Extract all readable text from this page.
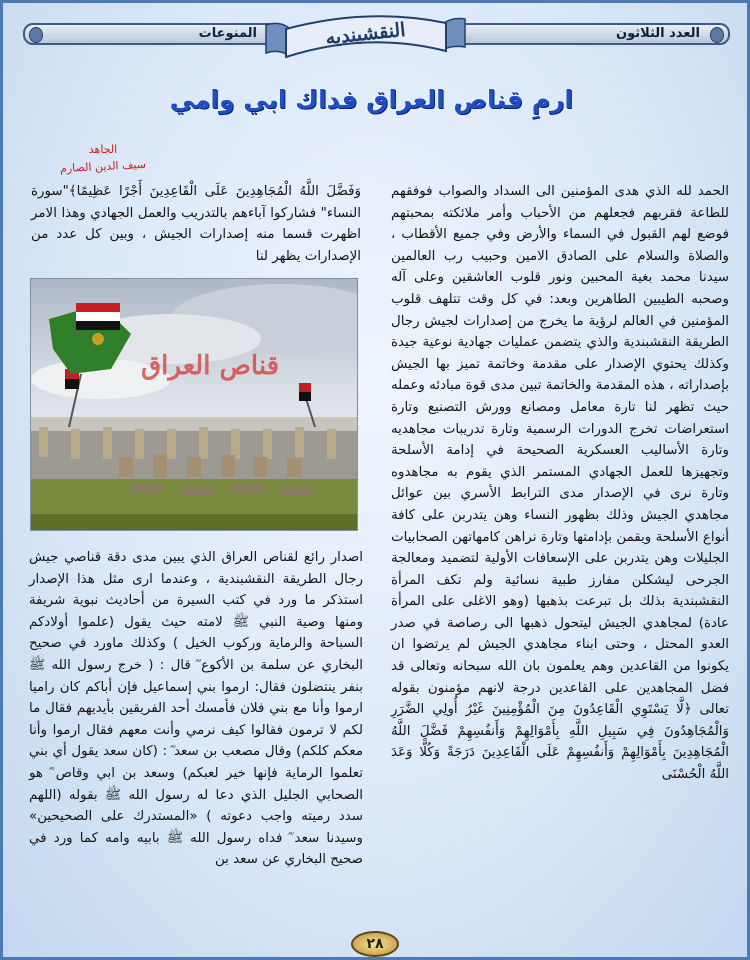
العدد الثلاثون
المنوعات	النقشبنديه
ارمِ قناص العراق فداك ابي وامي
الجاهد
سيف الدين الصارم

الحمد لله الذي هدى المؤمنين الى السداد والصواب فوفقهم للطاعة فقربهم فجعلهم من الأحباب وأمر ملائكته بمحبتهم فوضع لهم القبول في السماء والأرض وفي جميع الأقطاب ، والصلاة والسلام على الصادق الامين وحبيب رب العالمين سيدنا محمد بغية المحبين ونور قلوب العاشقين وعلى آله وصحبه الطيبين الطاهرين وبعد: في كل وقت تتلهف قلوب المؤمنين في العالم لرؤية ما يخرج من إصدارات لجيش رجال الطريقة النقشبندية والذي يتضمن عمليات جهادية نوعية جيدة وكذلك يحتوي الإصدار على مقدمة وخاتمة تميز بها الجيش بإصداراته ، هذه المقدمة والخاتمة تبين مدى قوة مبادئه وعمله حيث تظهر لنا تارة معامل ومصانع وورش التصنيع وتارة استعراضات تخرج الدورات الرسمية وتارة تدريبات مجاهديه وتارة الأساليب العسكرية الصحيحة في إدامة الأسلحة وتجهيزها للعمل الجهادي المستمر الذي يقوم به مجاهدوه وتارة نرى في الإصدار مدى الترابط الأسري بين عوائل مجاهدي الجيش وذلك بظهور النساء وهن يتدربن على كافة أنواع الأسلحة ويقمن بإدامتها وتارة نراهن كامهاتهن الصحابيات الجليلات وهن يتدربن على الإسعافات الأولية لتضميد ومعالجة الجرحى ليشكلن مفارز طبية نسائية ولم تكف المرأة النقشبندية بذلك بل تبرعت بذهبها (وهو الاغلى على المرأة عادة) لمجاهدي الجيش ليتحول ذهبها الى رصاصة في صدر العدو المحتل ، وحتى ابناء مجاهدي الجيش لم يرتضوا ان يكونوا من القاعدين وهم يعلمون بان الله سبحانه وتعالى قد فضل المجاهدين على القاعدين درجة لانهم مؤمنون بقوله تعالى ﴿لَّا يَسْتَوِي الْقَاعِدُونَ مِنَ الْمُؤْمِنِينَ غَيْرُ أُولِي الضَّرَرِ وَالْمُجَاهِدُونَ فِي سَبِيلِ اللَّهِ بِأَمْوَالِهِمْ وَأَنفُسِهِمْ فَضَّلَ اللَّهُ الْمُجَاهِدِينَ بِأَمْوَالِهِمْ وَأَنفُسِهِمْ عَلَى الْقَاعِدِينَ دَرَجَةً وَكُلًّا وَعَدَ اللَّهُ الْحُسْنَى

وَفَضَّلَ اللَّهُ الْمُجَاهِدِينَ عَلَى الْقَاعِدِينَ أَجْرًا عَظِيمًا﴾"سورة النساء" فشاركوا آباءهم بالتدريب والعمل الجهادي وهذا الامر اظهرت قسما منه إصدارات الجيش ، وبين كل عدد من الإصدارات يظهر لنا

قناص العراق

اصدار رائع لقناص العراق الذي يبين مدى دقة قناصي جيش رجال الطريقة النقشبندية ، وعندما ارى مثل هذا الإصدار استذكر ما ورد في كتب السيرة من أحاديث نبوية شريفة ومنها وصية النبي ﷺ لامته حيث يقول (علموا أولادكم السباحة والرماية وركوب الخيل ) وكذلك ماورد في صحيح البخاري عن سلمة بن الأكوع ؓ قال : ( خرج رسول الله ﷺ بنفر ينتضلون فقال: ارموا بني إسماعيل فإن أباكم كان راميا ارموا وأنا مع بني فلان فأمسك أحد الفريقين بأيديهم فقال ما لكم لا ترمون فقالوا كيف نرمي وأنت معهم فقال ارموا وأنا معكم كلكم) وقال مصعب بن سعد ؓ : (كان سعد يقول أي بني تعلموا الرماية فإنها خير لعبكم) وسعد بن ابي وقاص ؓ هو الصحابي الجليل الذي دعا له رسول الله ﷺ بقوله (اللهم سدد رميته واجب دعوته ) «المستدرك على الصحيحين» وسيدنا سعد ؓ فداه رسول الله ﷺ بابيه وامه كما ورد في صحيح البخاري عن سعد بن

٢٨
